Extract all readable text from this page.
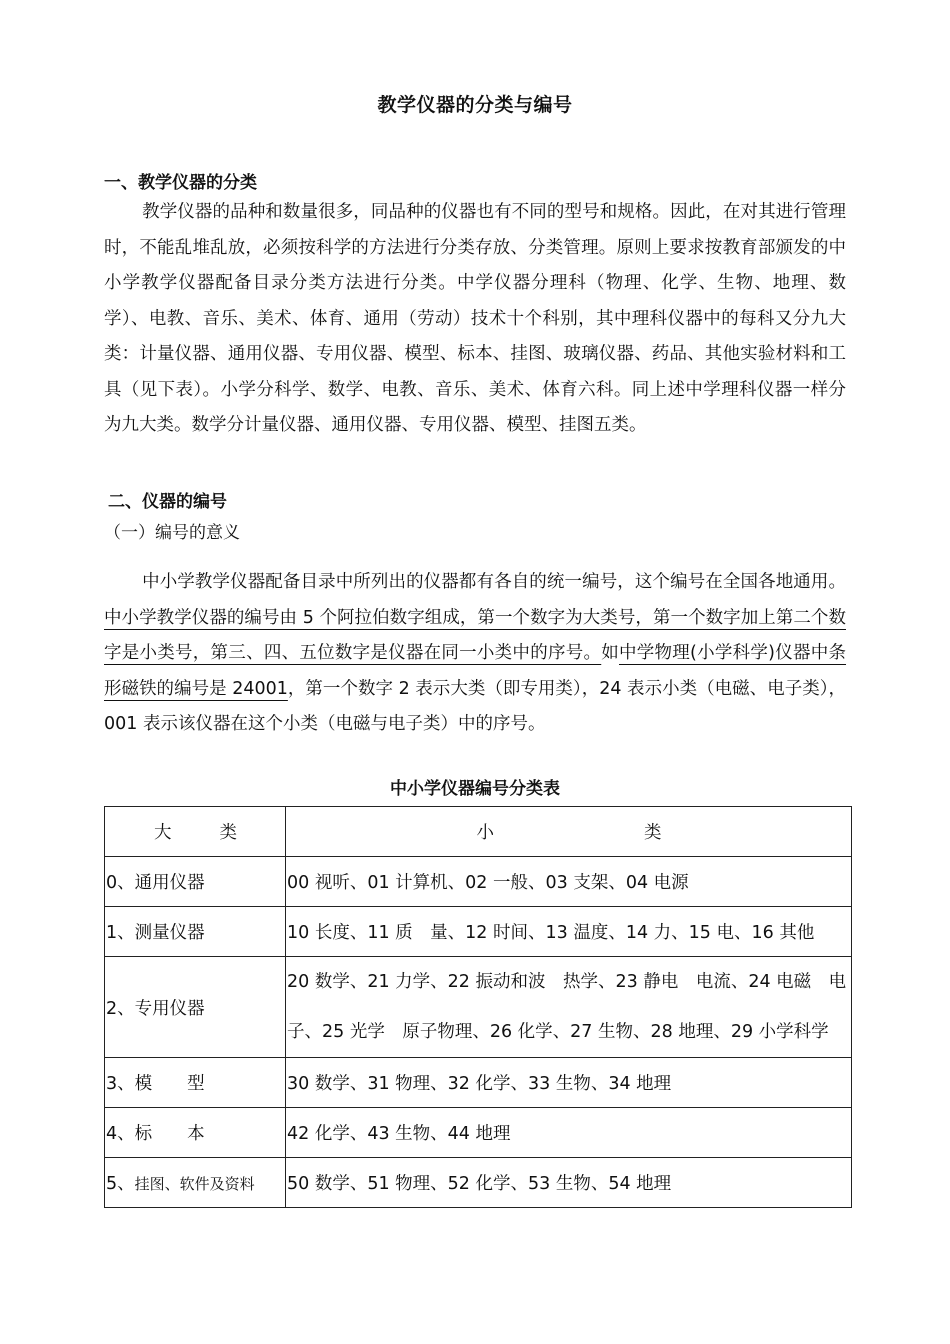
教学仪器的分类与编号
一、教学仪器的分类

教学仪器的品种和数量很多，同品种的仪器也有不同的型号和规格。因此，在对其进行管理时，不能乱堆乱放，必须按科学的方法进行分类存放、分类管理。原则上要求按教育部颁发的中小学教学仪器配备目录分类方法进行分类。中学仪器分理科（物理、化学、生物、地理、数学）、电教、音乐、美术、体育、通用（劳动）技术十个科别，其中理科仪器中的每科又分九大类：计量仪器、通用仪器、专用仪器、模型、标本、挂图、玻璃仪器、药品、其他实验材料和工具（见下表）。小学分科学、数学、电教、音乐、美术、体育六科。同上述中学理科仪器一样分为九大类。数学分计量仪器、通用仪器、专用仪器、模型、挂图五类。

二、仪器的编号
（一）编号的意义

中小学教学仪器配备目录中所列出的仪器都有各自的统一编号，这个编号在全国各地通用。中小学教学仪器的编号由 5 个阿拉伯数字组成，第一个数字为大类号，第一个数字加上第二个数字是小类号，第三、四、五位数字是仪器在同一小类中的序号。如中学物理(小学科学)仪器中条形磁铁的编号是 24001，第一个数字 2 表示大类（即专用类），24 表示小类（电磁、电子类），001 表示该仪器在这个小类（电磁与电子类）中的序号。

中小学仪器编号分类表
大类	小类
0、通用仪器	00 视听、01 计算机、02 一般、03 支架、04 电源
1、测量仪器	10 长度、11 质　量、12 时间、13 温度、14 力、15 电、16 其他
2、专用仪器	20 数学、21 力学、22 振动和波　热学、23 静电　电流、24 电磁　电子、25 光学　原子物理、26 化学、27 生物、28 地理、29 小学科学
3、模　　型	30 数学、31 物理、32 化学、33 生物、34 地理
4、标　　本	42 化学、43 生物、44 地理
5、挂图、软件及资料	50 数学、51 物理、52 化学、53 生物、54 地理
